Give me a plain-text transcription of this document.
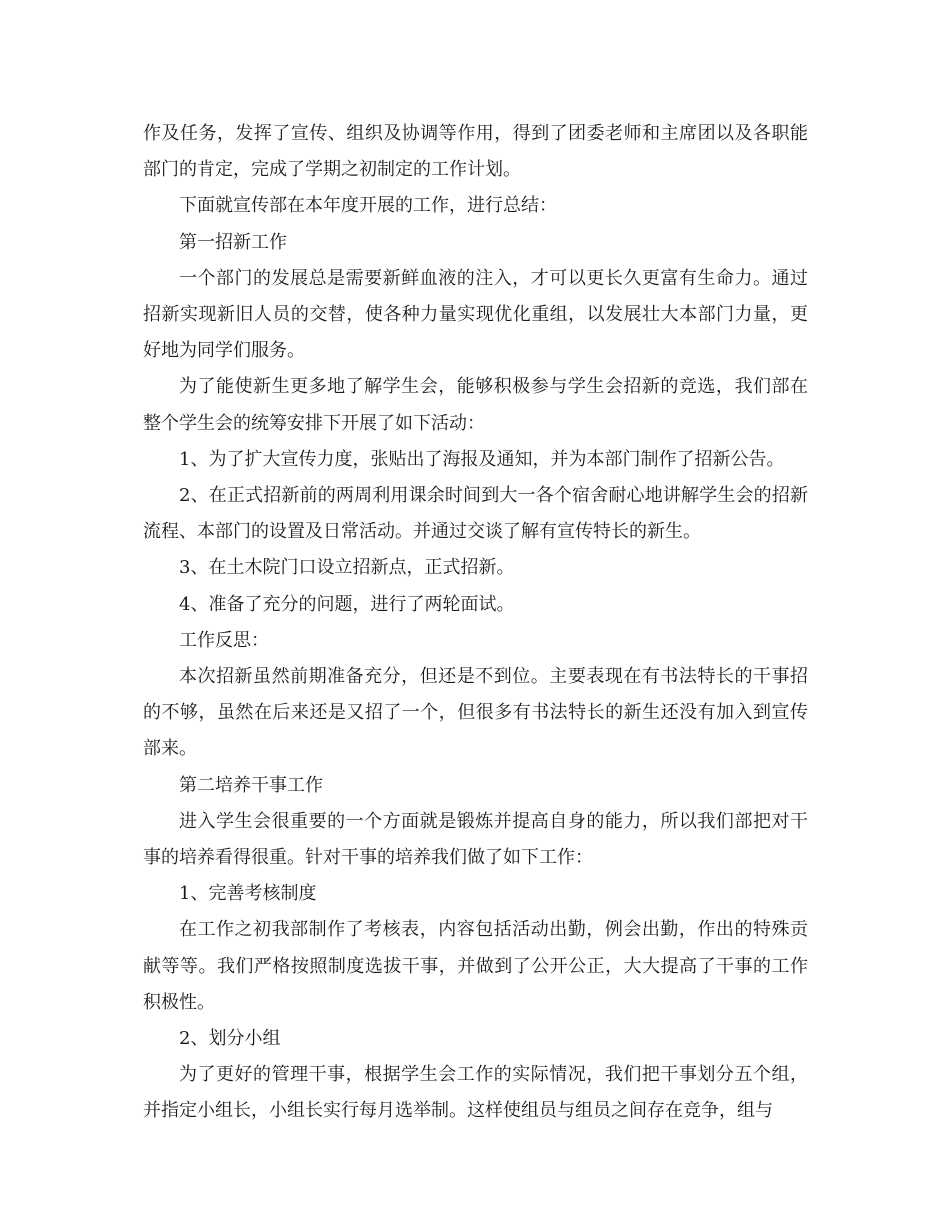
作及任务，发挥了宣传、组织及协调等作用，得到了团委老师和主席团以及各职能部门的肯定，完成了学期之初制定的工作计划。

下面就宣传部在本年度开展的工作，进行总结：

第一招新工作

一个部门的发展总是需要新鲜血液的注入，才可以更长久更富有生命力。通过招新实现新旧人员的交替，使各种力量实现优化重组，以发展壮大本部门力量，更好地为同学们服务。

为了能使新生更多地了解学生会，能够积极参与学生会招新的竞选，我们部在整个学生会的统筹安排下开展了如下活动：

1、为了扩大宣传力度，张贴出了海报及通知，并为本部门制作了招新公告。

2、在正式招新前的两周利用课余时间到大一各个宿舍耐心地讲解学生会的招新流程、本部门的设置及日常活动。并通过交谈了解有宣传特长的新生。

3、在土木院门口设立招新点，正式招新。

4、准备了充分的问题，进行了两轮面试。

工作反思：

本次招新虽然前期准备充分，但还是不到位。主要表现在有书法特长的干事招的不够，虽然在后来还是又招了一个，但很多有书法特长的新生还没有加入到宣传部来。

第二培养干事工作

进入学生会很重要的一个方面就是锻炼并提高自身的能力，所以我们部把对干事的培养看得很重。针对干事的培养我们做了如下工作：

1、完善考核制度

在工作之初我部制作了考核表，内容包括活动出勤，例会出勤，作出的特殊贡献等等。我们严格按照制度选拔干事，并做到了公开公正，大大提高了干事的工作积极性。

2、划分小组

为了更好的管理干事，根据学生会工作的实际情况，我们把干事划分五个组，并指定小组长，小组长实行每月选举制。这样使组员与组员之间存在竞争，组与
